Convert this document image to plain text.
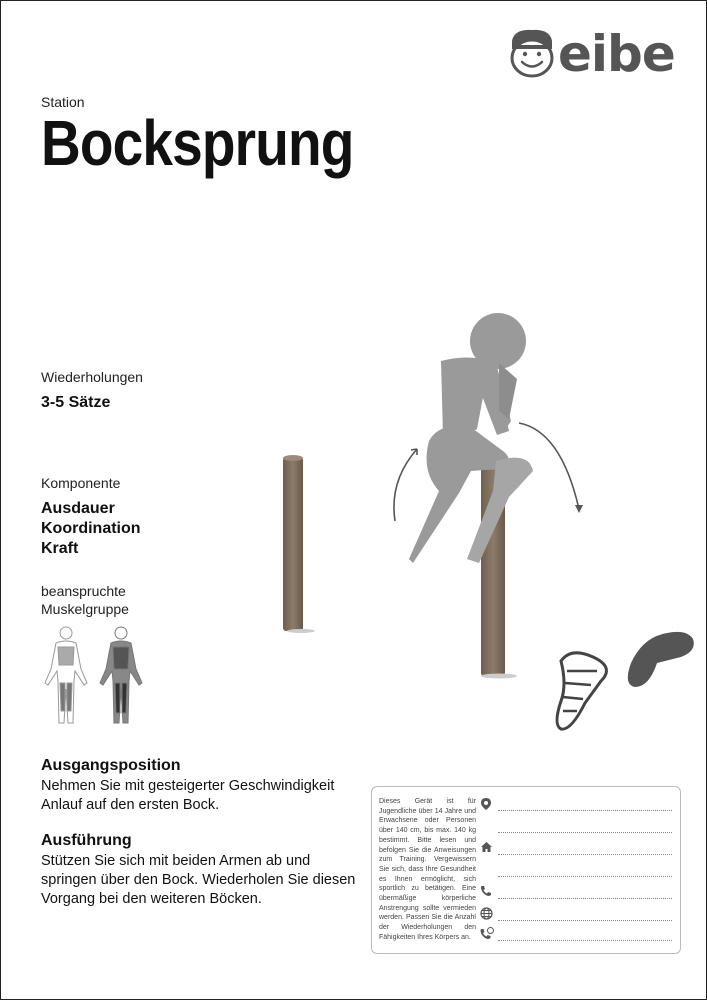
eibe
Station
Bocksprung
Wiederholungen
3-5 Sätze
Komponente
Ausdauer
Koordination
Kraft
beanspruchte
Muskelgruppe
Ausgangsposition
Nehmen Sie mit gesteigerter Geschwindigkeit
Anlauf auf den ersten Bock.
Ausführung
Stützen Sie sich mit beiden Armen ab und
springen über den Bock. Wiederholen Sie diesen
Vorgang bei den weiteren Böcken.
Dieses Gerät ist für Jugendliche über 14 Jahre und Erwachsene oder Personen über 140 cm, bis max. 140 kg bestimmt. Bitte lesen und befolgen Sie die Anweisungen zum Training. Vergewissern Sie sich, dass Ihre Gesundheit es Ihnen ermöglicht, sich sportlich zu betätigen. Eine übermäßige körperliche Anstrengung sollte vermieden werden. Passen Sie die Anzahl der Wiederholungen den Fähigkeiten Ihres Körpers an.
